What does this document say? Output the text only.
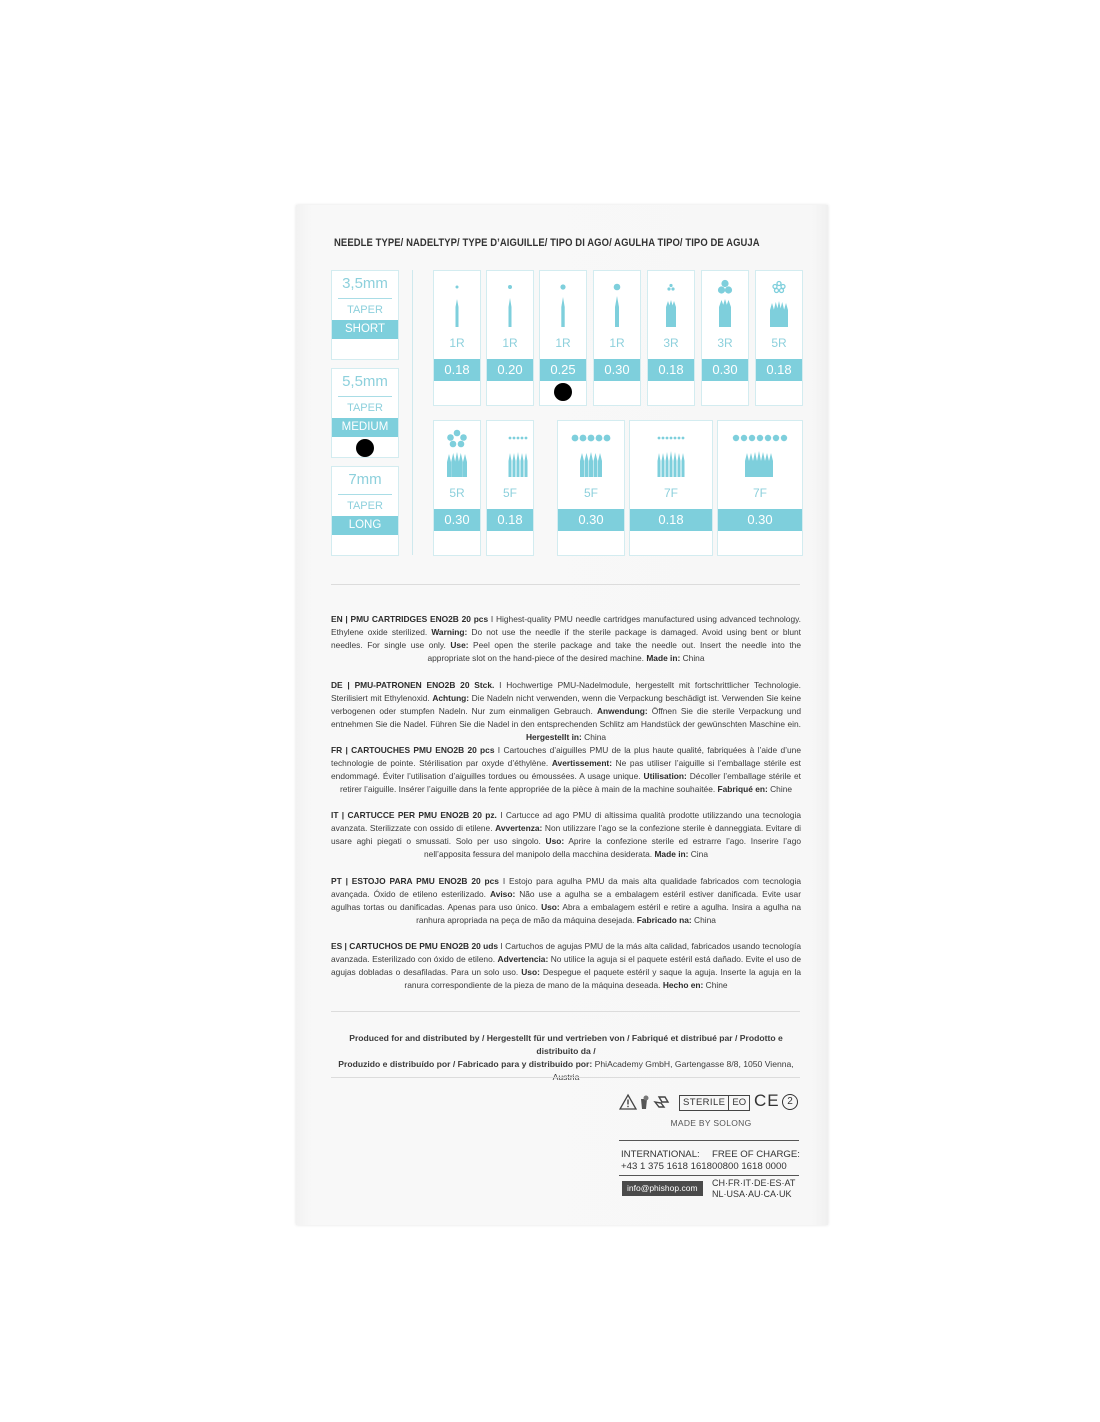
NEEDLE TYPE/ NADELTYP/ TYPE D’AIGUILLE/ TIPO DI AGO/ AGULHA TIPO/ TIPO DE AGUJA
3,5mm
TAPER
SHORT
5,5mm
TAPER
MEDIUM
7mm
TAPER
LONG
1R
0.18
1R
0.20
1R
0.25
1R
0.30
3R
0.18
3R
0.30
5R
0.18
5R
0.30
5F
0.18
5F
0.30
7F
0.18
7F
0.30
EN | PMU CARTRIDGES ENO2B 20 pcs I Highest-quality PMU needle cartridges manufactured using advanced technology. Ethylene oxide sterilized. Warning: Do not use the needle if the sterile package is damaged. Avoid using bent or blunt needles. For single use only. Use: Peel open the sterile package and take the needle out. Insert the needle into the appropriate slot on the hand-piece of the desired machine. Made in: China
DE | PMU-PATRONEN ENO2B 20 Stck. I Hochwertige PMU-Nadelmodule, hergestellt mit fortschrittlicher Technologie. Sterilisiert mit Ethylenoxid. Achtung: Die Nadeln nicht verwenden, wenn die Verpackung beschädigt ist. Verwenden Sie keine verbogenen oder stumpfen Nadeln. Nur zum einmaligen Gebrauch. Anwendung: Öffnen Sie die sterile Verpackung und entnehmen Sie die Nadel. Führen Sie die Nadel in den entsprechenden Schlitz am Handstück der gewünschten Maschine ein. Hergestellt in: China
FR | CARTOUCHES PMU ENO2B 20 pcs I Cartouches d’aiguilles PMU de la plus haute qualité, fabriquées à l’aide d’une technologie de pointe. Stérilisation par oxyde d’éthylène. Avertissement: Ne pas utiliser l’aiguille si l’emballage stérile est endommagé. Éviter l’utilisation d’aiguilles tordues ou émoussées. A usage unique. Utilisation: Décoller l’emballage stérile et retirer l’aiguille. Insérer l’aiguille dans la fente appropriée de la pièce à main de la machine souhaitée. Fabriqué en: Chine
IT | CARTUCCE PER PMU ENO2B 20 pz. I Cartucce ad ago PMU di altissima qualità prodotte utilizzando una tecnologia avanzata. Sterilizzate con ossido di etilene. Avvertenza: Non utilizzare l’ago se la confezione sterile è danneggiata. Evitare di usare aghi piegati o smussati. Solo per uso singolo. Uso: Aprire la confezione sterile ed estrarre l’ago. Inserire l’ago nell’apposita fessura del manipolo della macchina desiderata. Made in: Cina
PT | ESTOJO PARA PMU ENO2B 20 pcs I Estojo para agulha PMU da mais alta qualidade fabricados com tecnologia avançada. Óxido de etileno esterilizado. Aviso: Não use a agulha se a embalagem estéril estiver danificada. Evite usar agulhas tortas ou danificadas. Apenas para uso único. Uso: Abra a embalagem estéril e retire a agulha. Insira a agulha na ranhura apropriada na peça de mão da máquina desejada. Fabricado na: China
ES | CARTUCHOS DE PMU ENO2B 20 uds I Cartuchos de agujas PMU de la más alta calidad, fabricados usando tecnología avanzada. Esterilizado con óxido de etileno. Advertencia: No utilice la aguja si el paquete estéril está dañado. Evite el uso de agujas dobladas o desafiladas. Para un solo uso. Uso: Despegue el paquete estéril y saque la aguja. Inserte la aguja en la ranura correspondiente de la pieza de mano de la máquina deseada. Hecho en: Chine
Produced for and distributed by / Hergestellt für und vertrieben von / Fabriqué et distribué par / Prodotto e distribuito da /
Produzido e distribuído por / Fabricado para y distribuido por: PhiAcademy GmbH, Gartengasse 8/8, 1050 Vienna, Austria
STERILE EO CE 2
MADE BY SOLONG
INTERNATIONAL: FREE OF CHARGE:
+43 1 375 1618 1618 00800 1618 0000
info@phishop.com	CH·FR·IT·DE·ES·AT
NL·USA·AU·CA·UK
